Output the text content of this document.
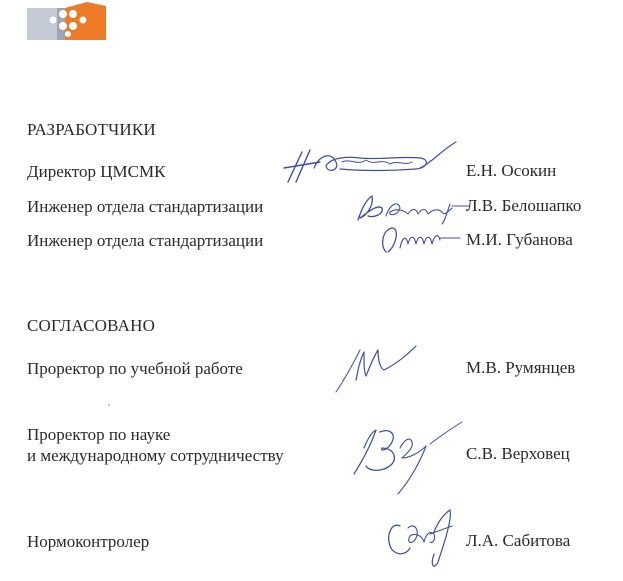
РАЗРАБОТЧИКИ
Директор ЦМСМК	Е.Н. Осокин
Инженер отдела стандартизации	Л.В. Белошапко
Инженер отдела стандартизации	М.И. Губанова
СОГЛАСОВАНО
Проректор по учебной работе	М.В. Румянцев
Проректор по науке
и международному сотрудничеству	С.В. Верховец
Нормоконтролер	Л.А. Сабитова
